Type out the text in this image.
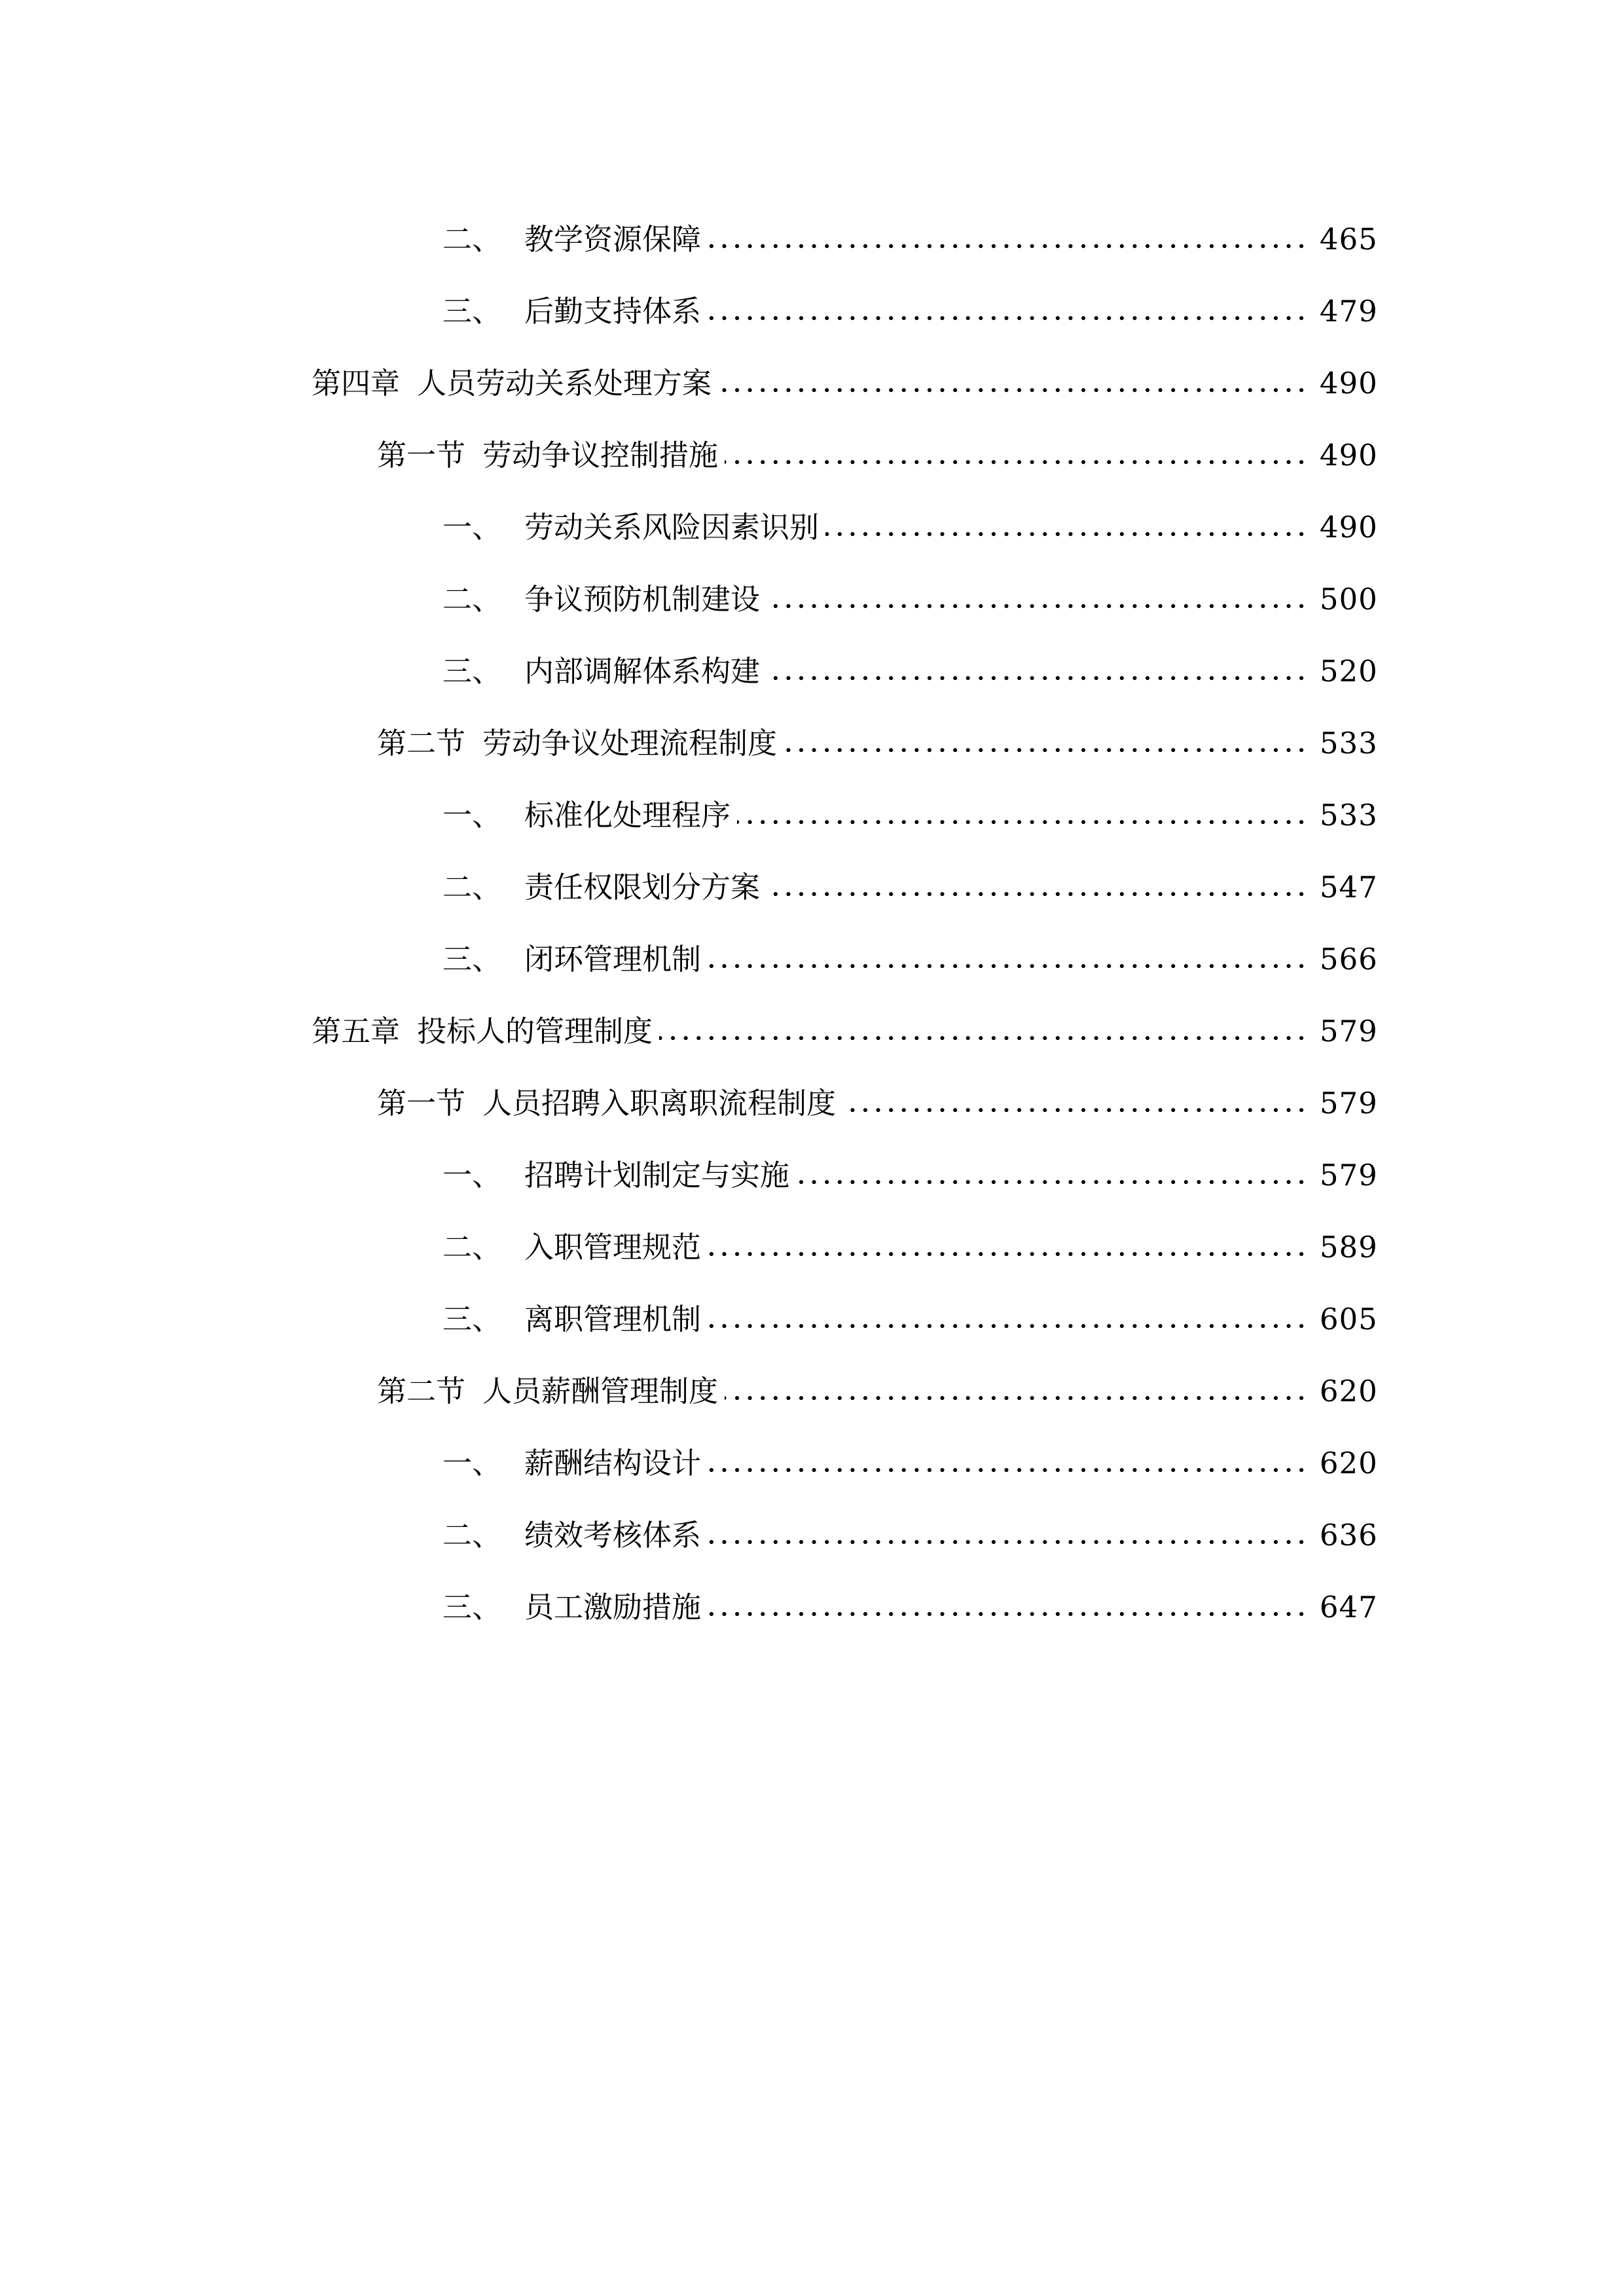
二、 教学资源保障	465
三、 后勤支持体系	479
第四章 人员劳动关系处理方案	490
第一节 劳动争议控制措施	490
一、 劳动关系风险因素识别	490
二、 争议预防机制建设	500
三、 内部调解体系构建	520
第二节 劳动争议处理流程制度	533
一、 标准化处理程序	533
二、 责任权限划分方案	547
三、 闭环管理机制	566
第五章 投标人的管理制度	579
第一节 人员招聘入职离职流程制度	579
一、 招聘计划制定与实施	579
二、 入职管理规范	589
三、 离职管理机制	605
第二节 人员薪酬管理制度	620
一、 薪酬结构设计	620
二、 绩效考核体系	636
三、 员工激励措施	647
